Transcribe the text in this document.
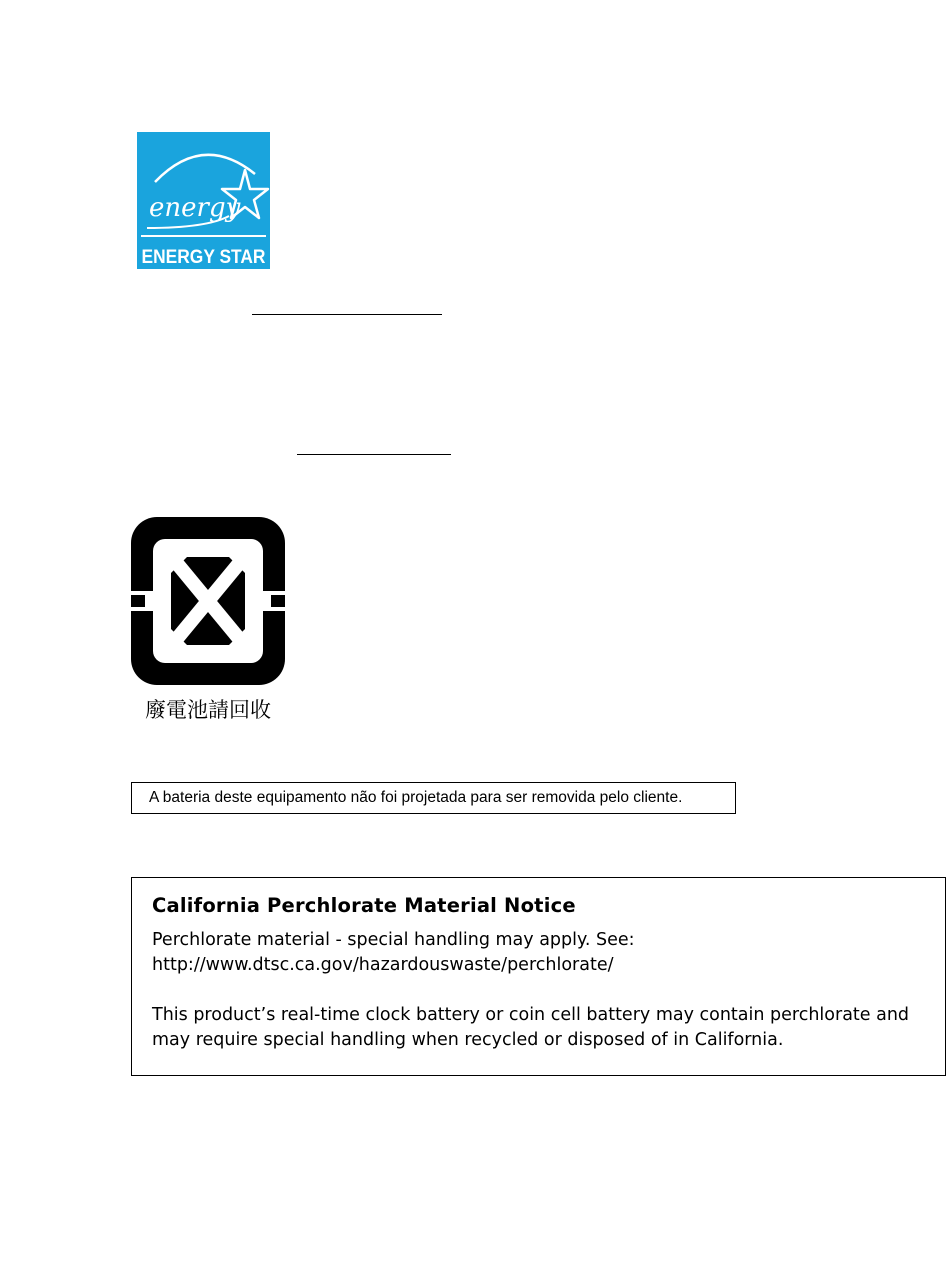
energy
ENERGY STAR
廢電池請回收
A bateria deste equipamento não foi projetada para ser removida pelo cliente.

California Perchlorate Material Notice

Perchlorate material - special handling may apply. See:

http://www.dtsc.ca.gov/hazardouswaste/perchlorate/

This product’s real-time clock battery or coin cell battery may contain perchlorate and

may require special handling when recycled or disposed of in California.
